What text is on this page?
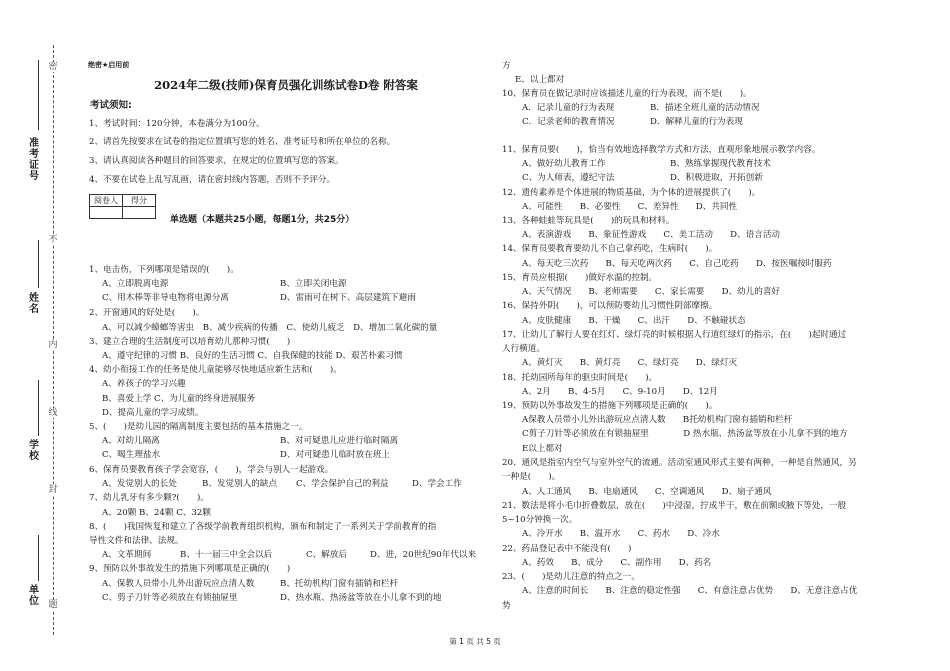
准考证号
姓名
学校
单位
密
不
内
线
封
题
绝密★启用前
2024年二级(技师)保育员强化训练试卷D卷 附答案
考试须知:
1、考试时间：120分钟，本卷满分为100分。
2、请首先按要求在试卷的指定位置填写您的姓名、准考证号和所在单位的名称。
3、请认真阅读各种题目的回答要求，在规定的位置填写您的答案。
4、不要在试卷上乱写乱画，请在密封线内答题，否则不予评分。
阅卷人	得分

单选题（本题共25小题，每题1分，共25分）
1、电击伤，下列哪项是错误的(　　)。
A、立即脱离电源	B、立即关闭电源
C、用木棒等非导电物将电源分离	D、雷雨可在树下、高层建筑下避雨
2、开窗通风的好处是(　　)。
A、可以减少蟑螂等害虫　B、减少疾病的传播　C、使幼儿疲乏　D、增加二氧化碳的量
3、建立合理的生活制度可以培育幼儿那种习惯(　　)
A、遵守纪律的习惯 B、良好的生活习惯 C、自我保健的技能 D、艰苦朴素习惯
4、幼小衔接工作的任务是使儿童能够尽快地适应新生活和(　　)。
A、养孩子的学习兴趣
B、喜爱上学 C、为儿童的终身进展服务
D、提高儿童的学习成绩。
5、(　　)是幼儿园的隔离制度主要包括的基本措施之一。
A、对幼儿隔离	B、对可疑患儿应进行临时隔离
C、喝生理盐水	D、对可疑患儿临时放在班上
6、保育员要教育孩子学会宽容，(　　)，学会与别人一起游戏。
A、发觉别人的长处	B、发觉别人的缺点 C、学会保护自己的利益	D、学会工作
7、幼儿乳牙有多少颗?(　　)。
A、20颗 B、24颗 C、32颗
8、(　　)我国恢复和建立了各级学前教育组织机构，颁布和制定了一系列关于学前教育的指
导性文件和法律、法规。
A、文革期间	B、十一届三中全会以后	C、解放后	D、进，20世纪90年代以来
9、预防以外事故发生的措施下列哪项是正确的(　　)
A、保教人员带小儿外出游玩应点清人数	B、托幼机构门窗有插销和栏杆
C、剪子刀针等必须放在有锁抽屉里	D、热水瓶、热汤盆等放在小儿拿不到的地
方
E、以上都对
10、保育员在做记录时应该描述儿童的行为表现，而不是(　　)。
A．记录儿童的行为表现	B．描述全班儿童的活动情况
C．记录老师的教育情况	D．解释儿童的行为表现
11、保育员要(　　)，恰当有效地选择教学方式和方法，直观形象地展示教学内容。
A、做好幼儿教育工作	B、熟练掌握现代教育技术
C、为人师表，遵纪守法	D、积极进取，开拓创新
12、遗传素养是个体进展的物质基础，为个体的进展提供了(　　)。
A、可能性　　B、必要性　　C、差异性　　D、共同性
13、各种蛙蛙等玩具是(　　)的玩具和材料。
A、表演游戏　　B、象征性游戏　　C、美工活动　　D、语言活动
14、保育员要教育要幼儿不自己拿药吃，生病时(　　)。
A、每天吃三次药　　B、每天吃两次药　　C、自己吃药　　D、按医嘱按时服药
15、育员应根据(　　)做好水温的控制。
A、天气情况　　B、老师需要　　C、家长需要　　D、幼儿的喜好
16、保持外阴(　　)，可以预防婴幼儿习惯性阴部摩擦。
A、皮肤健康　　B、干燥　　C、出汗　　D、不触碰状态
17、让幼儿了解行人要在红灯、绿灯亮的时候根据人行道红绿灯的指示，在(　　)起时通过
人行横道。
A、黄灯灭　　B、黄灯亮　　C、绿灯亮　　D、绿灯灭
18、托幼园所每年的驱虫时间是(　　)。
A、2月　　B、4-5月　　C、9-10月　　D、12月
19、预防以外事故发生的措施下列哪项是正确的(　　)。
A保教人员带小儿外出游玩应点清人数　　B托幼机构门窗有插销和栏杆
C剪子刀针等必须放在有锁抽屉里　　　　D 热水瓶、热汤盆等放在小儿拿不到的地方
E以上都对
20、通风是指室内空气与室外空气的流通。活动室通风形式主要有两种，一种是自然通风，另
一种是(　　)。
A、人工通风　　B、电扇通风　　C、空调通风　　D、扇子通风
21、数法是将小毛巾折叠数层，放在(　　)中浸湿，拧成半干，敷在前额或腋下等处，一般
5~10分钟换一次。
A、冷开水　　B、温开水　　C、药水　　D、冷水
22、药品登记表中不能没有(　　)
A、药效　　B、成分　　C、副作用　　D、药名
23、(　　)是幼儿注意的特点之一。
A、注意的时间长　　B、注意的稳定性强　　C、有意注意占优势　　D、无意注意占优
势
第 1 页 共 5 页
